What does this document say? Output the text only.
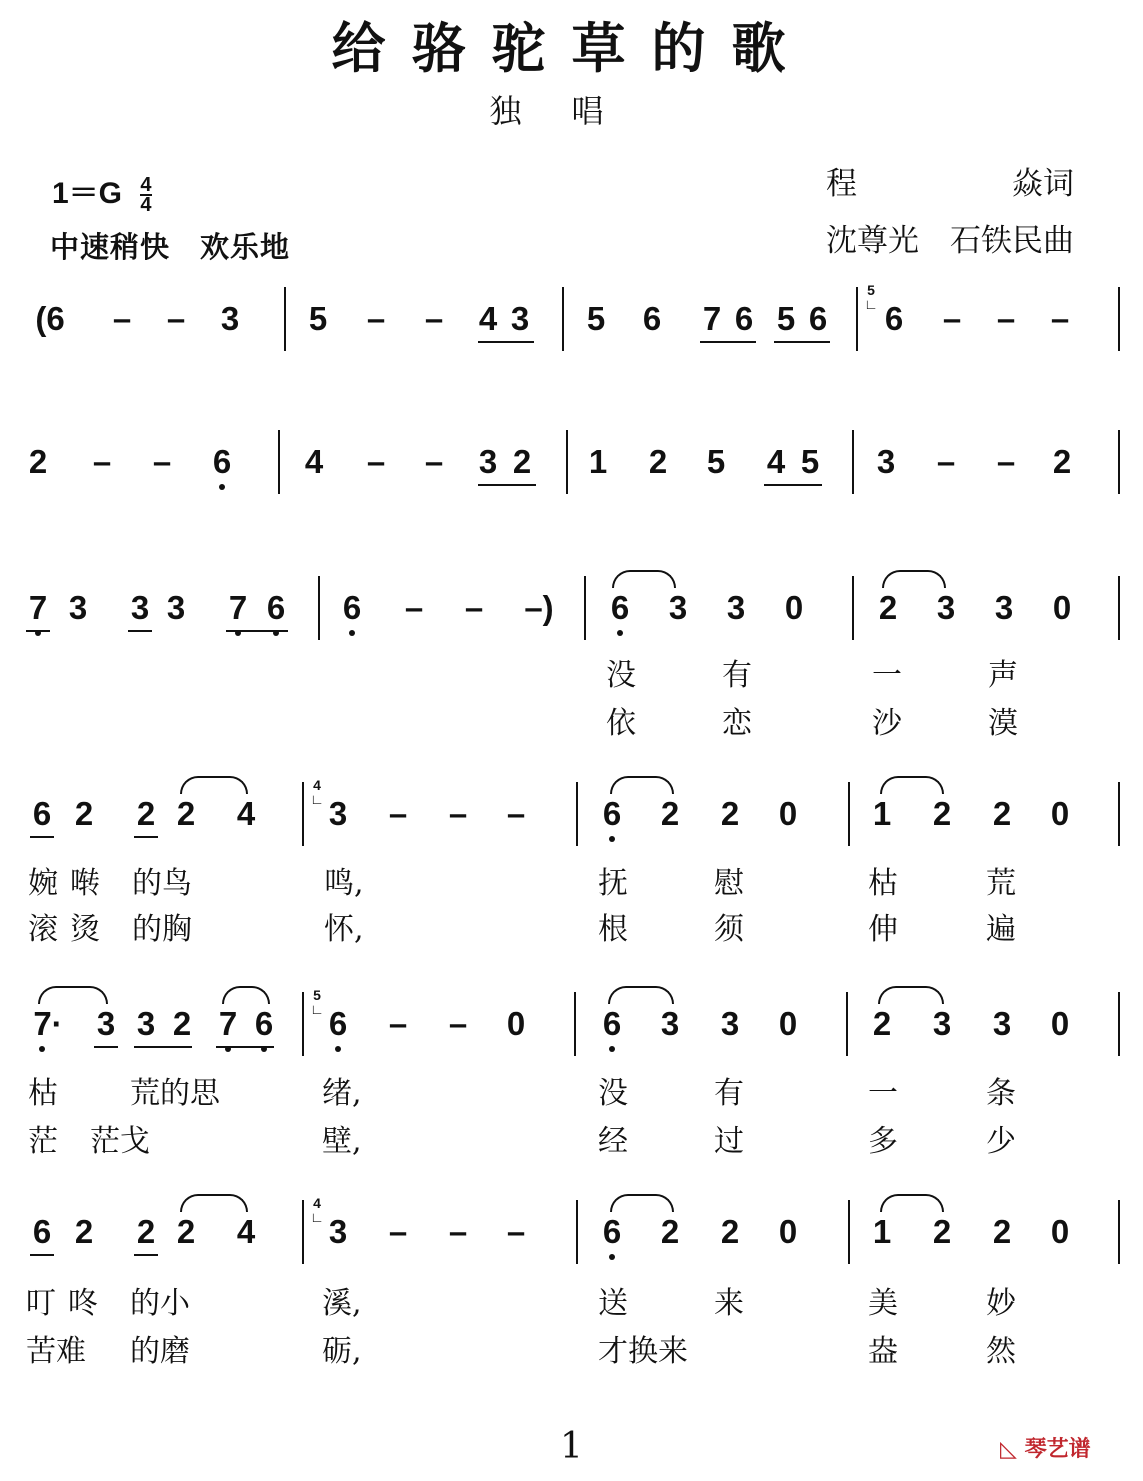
给骆驼草的歌
独唱
$1=G \frac{4}{4}$
中速稍快　欢乐地
程　　　　　焱词
沈尊光　石铁民曲
(6 – – 3 5 – – 4 3 5 6 7 6 5 6
5
∟ 6 – – –
2 – – 6 4 – – 3 2 1 2 5 4 5 3 – – 2
7 3 3 3 7 6 6 – –	–)	6 3 3 0 2 3 3 0
没	有	一	声
依	恋	沙	漠
6 2 2 2 4
4
∟ 3 – – – 6 2 2 0 1 2 2 0
婉 啭 的鸟	鸣,	抚	慰	枯	荒
滚 烫 的胸	怀,	根	须	伸	遍
7· 3 3 2 7 6
5
∟ 6 – – 0 6 3 3 0 2 3 3 0
枯 荒的思	绪,	没	有	一	条
茫 茫戈	壁,	经	过	多	少
6 2 2 2 4
4
∟ 3 – – – 6 2 2 0 1 2 2 0
叮 咚 的小	溪,	送	来	美	妙
苦难 的磨	砺,	才换来	盎	然
1	◺ 琴艺谱
